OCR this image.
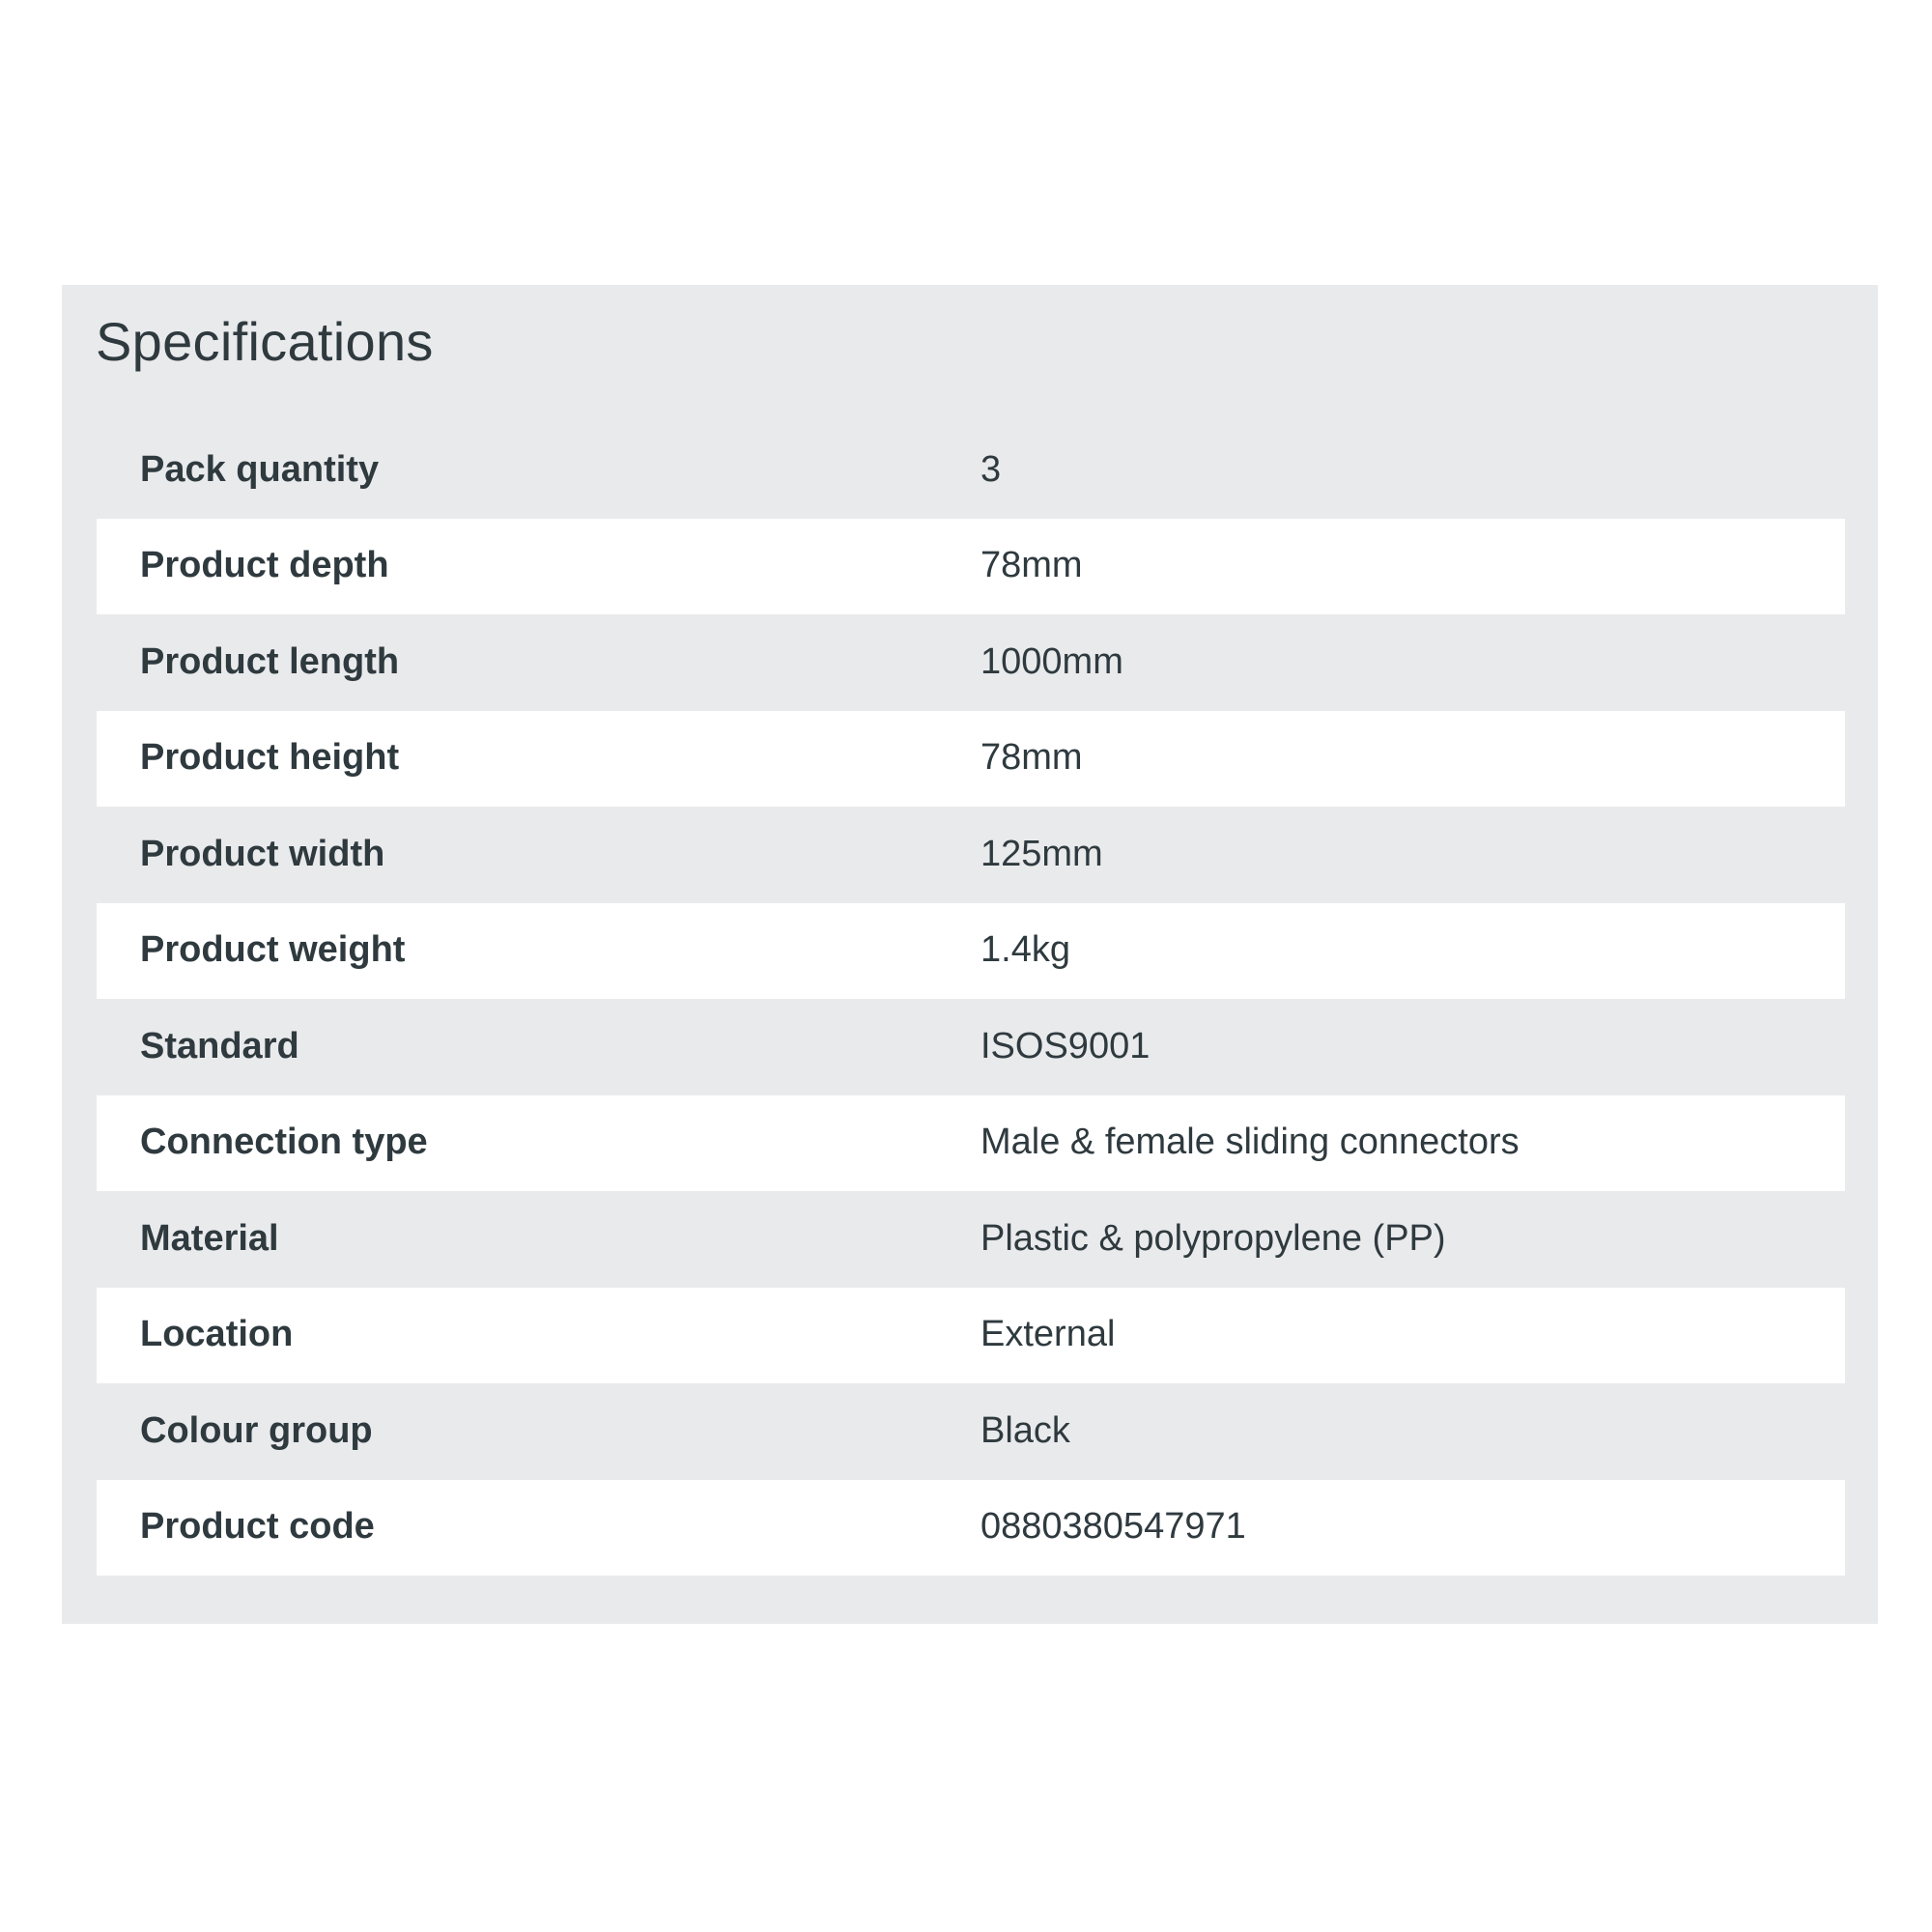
Specifications
Pack quantity	3
Product depth	78mm
Product length	1000mm
Product height	78mm
Product width	125mm
Product weight	1.4kg
Standard	ISOS9001
Connection type	Male & female sliding connectors
Material	Plastic & polypropylene (PP)
Location	External
Colour group	Black
Product code	0880380547971
